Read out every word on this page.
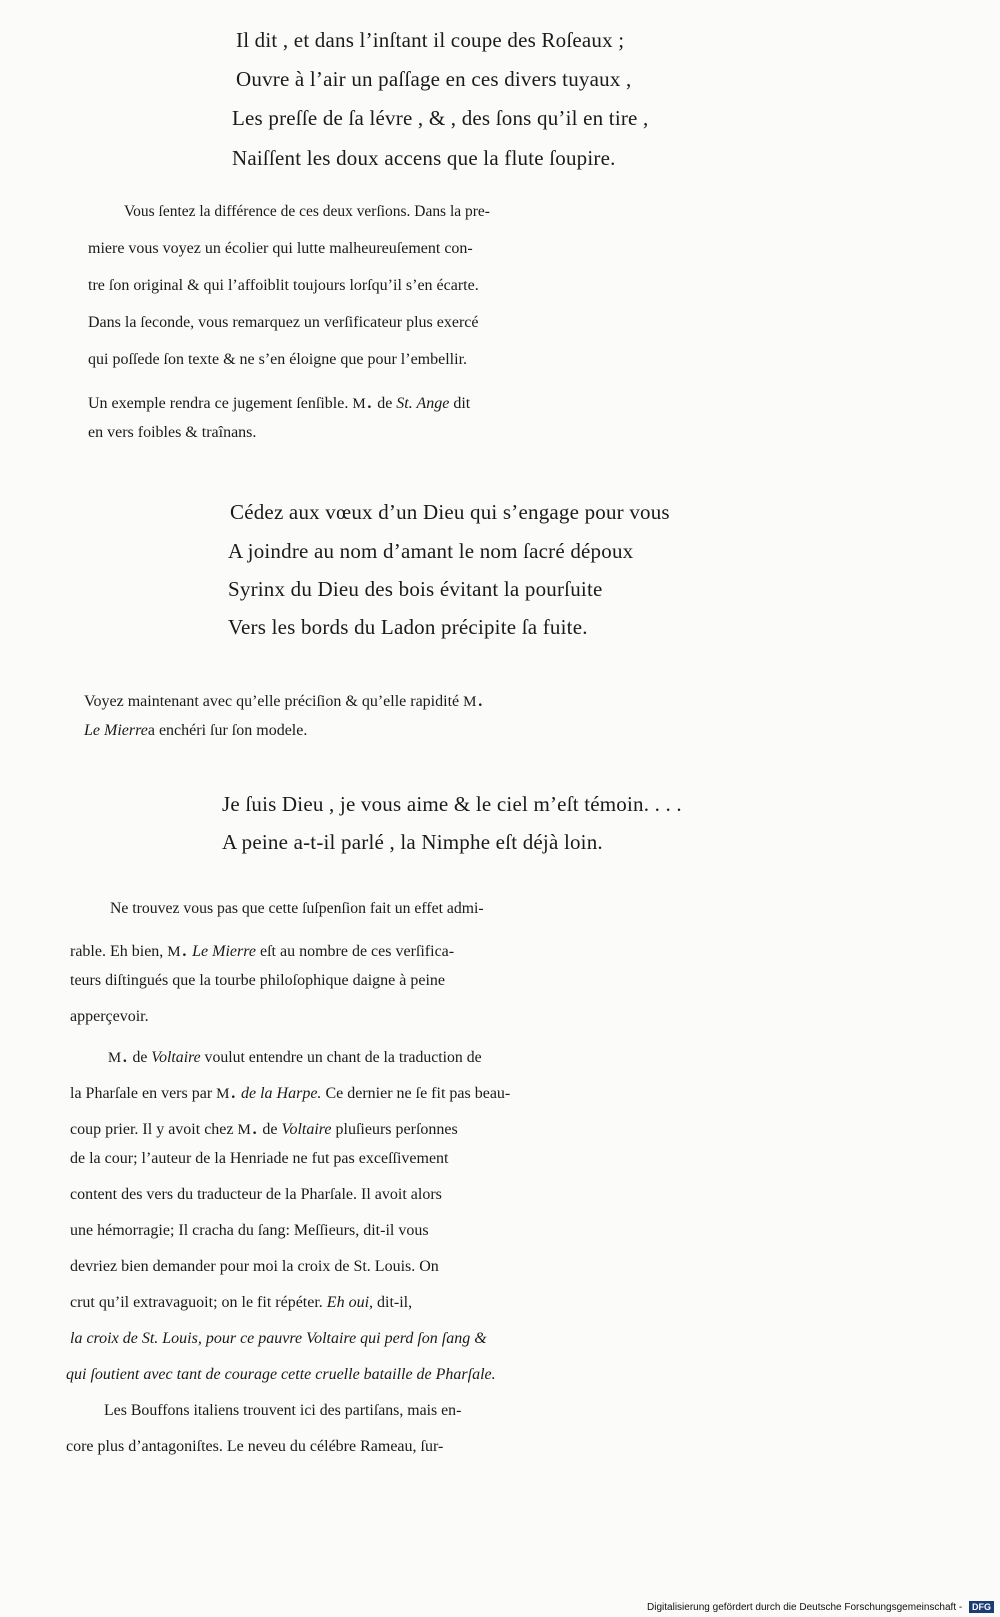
Il dit , et dans l’inſtant il coupe des Roſeaux ;
Ouvre à l’air un paſſage en ces divers tuyaux ,
Les preſſe de ſa lévre , & , des ſons qu’il en tire ,
Naiſſent les doux accens que la flute ſoupire.
Vous ſentez la différence de ces deux verſions. Dans la pre-
miere vous voyez un écolier qui lutte malheureuſement con-
tre ſon original & qui l’affoiblit toujours lorſqu’il s’en écarte.
Dans la ſeconde, vous remarquez un verſificateur plus exercé
qui poſſede ſon texte & ne s’en éloigne que pour l’embellir.
Un exemple rendra ce jugement ſenſible. m. de St. Ange dit
en vers foibles & traînans.
Cédez aux vœux d’un Dieu qui s’engage pour vous
A joindre au nom d’amant le nom ſacré dépoux
Syrinx du Dieu des bois évitant la pourſuite
Vers les bords du Ladon précipite ſa fuite.
Voyez maintenant avec qu’elle préciſion & qu’elle rapidité m.
Le Mierrea enchéri ſur ſon modele.
Je ſuis Dieu , je vous aime & le ciel m’eſt témoin. . . .
A peine a-t-il parlé , la Nimphe eſt déjà loin.
Ne trouvez vous pas que cette ſuſpenſion fait un effet admi-
rable. Eh bien, m. Le Mierre eſt au nombre de ces verſifica-
teurs diſtingués que la tourbe philoſophique daigne à peine
apperçevoir.
m. de Voltaire voulut entendre un chant de la traduction de
la Pharſale en vers par m. de la Harpe. Ce dernier ne ſe fit pas beau-
coup prier. Il y avoit chez m. de Voltaire pluſieurs perſonnes
de la cour; l’auteur de la Henriade ne fut pas exceſſivement
content des vers du traducteur de la Pharſale. Il avoit alors
une hémorragie; Il cracha du ſang: Meſſieurs, dit-il vous
devriez bien demander pour moi la croix de St. Louis. On
crut qu’il extravaguoit; on le fit répéter. Eh oui, dit-il,
la croix de St. Louis, pour ce pauvre Voltaire qui perd ſon ſang &
qui ſoutient avec tant de courage cette cruelle bataille de Pharſale.
Les Bouffons italiens trouvent ici des partiſans, mais en-
core plus d’antagoniſtes. Le neveu du célébre Rameau, ſur-
Digitalisierung gefördert durch die Deutsche Forschungsgemeinschaft - DFG
